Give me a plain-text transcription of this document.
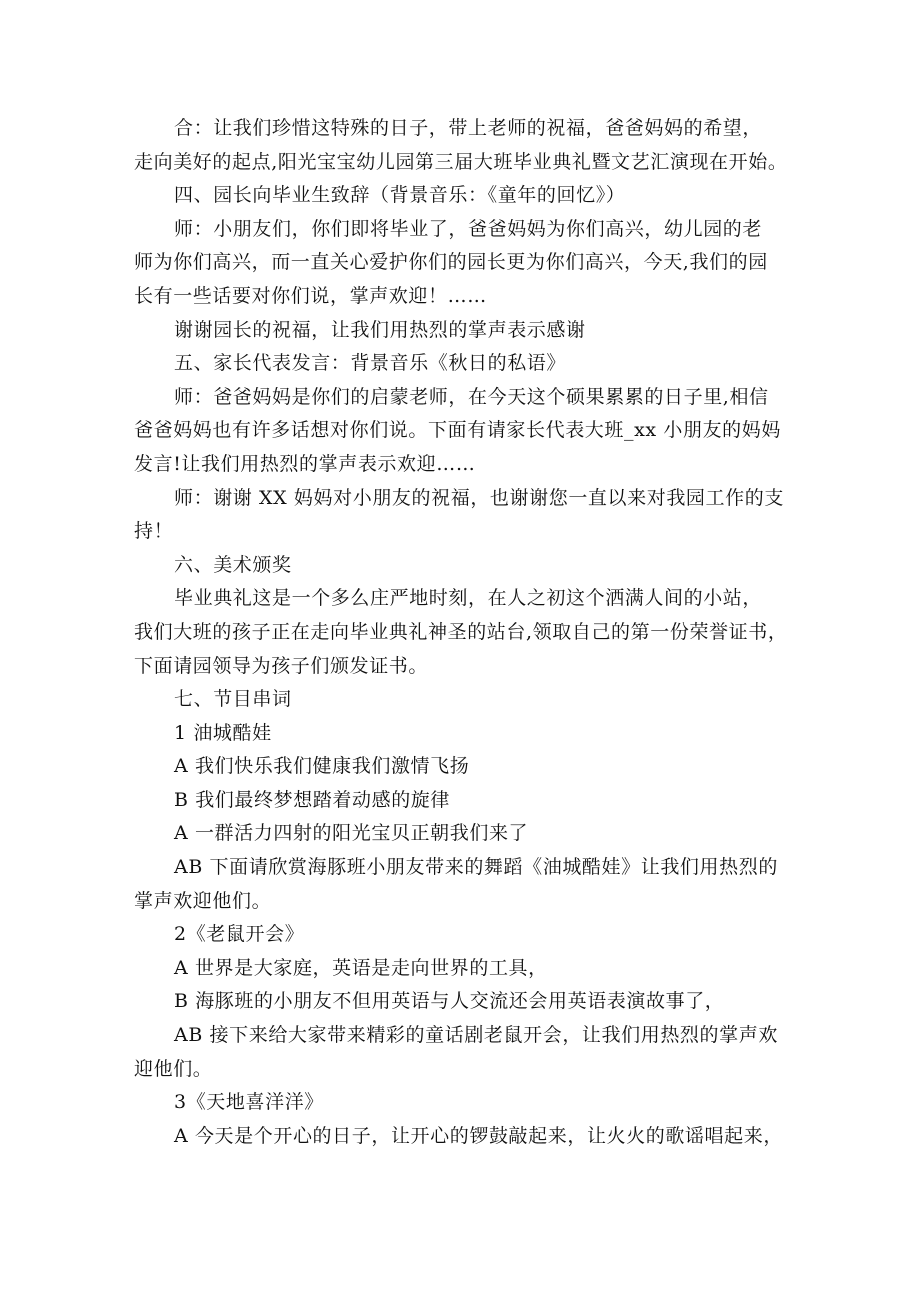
合：让我们珍惜这特殊的日子，带上老师的祝福，爸爸妈妈的希望，
走向美好的起点,阳光宝宝幼儿园第三届大班毕业典礼暨文艺汇演现在开始。
四、园长向毕业生致辞（背景音乐：《童年的回忆》）
师：小朋友们，你们即将毕业了，爸爸妈妈为你们高兴，幼儿园的老
师为你们高兴，而一直关心爱护你们的园长更为你们高兴，今天,我们的园
长有一些话要对你们说，掌声欢迎！……
谢谢园长的祝福，让我们用热烈的掌声表示感谢
五、家长代表发言：背景音乐《秋日的私语》
师：爸爸妈妈是你们的启蒙老师，在今天这个硕果累累的日子里,相信
爸爸妈妈也有许多话想对你们说。下面有请家长代表大班_xx 小朋友的妈妈
发言!让我们用热烈的掌声表示欢迎……
师：谢谢 XX 妈妈对小朋友的祝福，也谢谢您一直以来对我园工作的支
持！
六、美术颁奖
毕业典礼这是一个多么庄严地时刻，在人之初这个洒满人间的小站，
我们大班的孩子正在走向毕业典礼神圣的站台,领取自己的第一份荣誉证书，
下面请园领导为孩子们颁发证书。
七、节目串词
1 油城酷娃
A 我们快乐我们健康我们激情飞扬
B 我们最终梦想踏着动感的旋律
A 一群活力四射的阳光宝贝正朝我们来了
AB 下面请欣赏海豚班小朋友带来的舞蹈《油城酷娃》让我们用热烈的
掌声欢迎他们。
2《老鼠开会》
A 世界是大家庭，英语是走向世界的工具，
B 海豚班的小朋友不但用英语与人交流还会用英语表演故事了，
AB 接下来给大家带来精彩的童话剧老鼠开会，让我们用热烈的掌声欢
迎他们。
3《天地喜洋洋》
A 今天是个开心的日子，让开心的锣鼓敲起来，让火火的歌谣唱起来，
